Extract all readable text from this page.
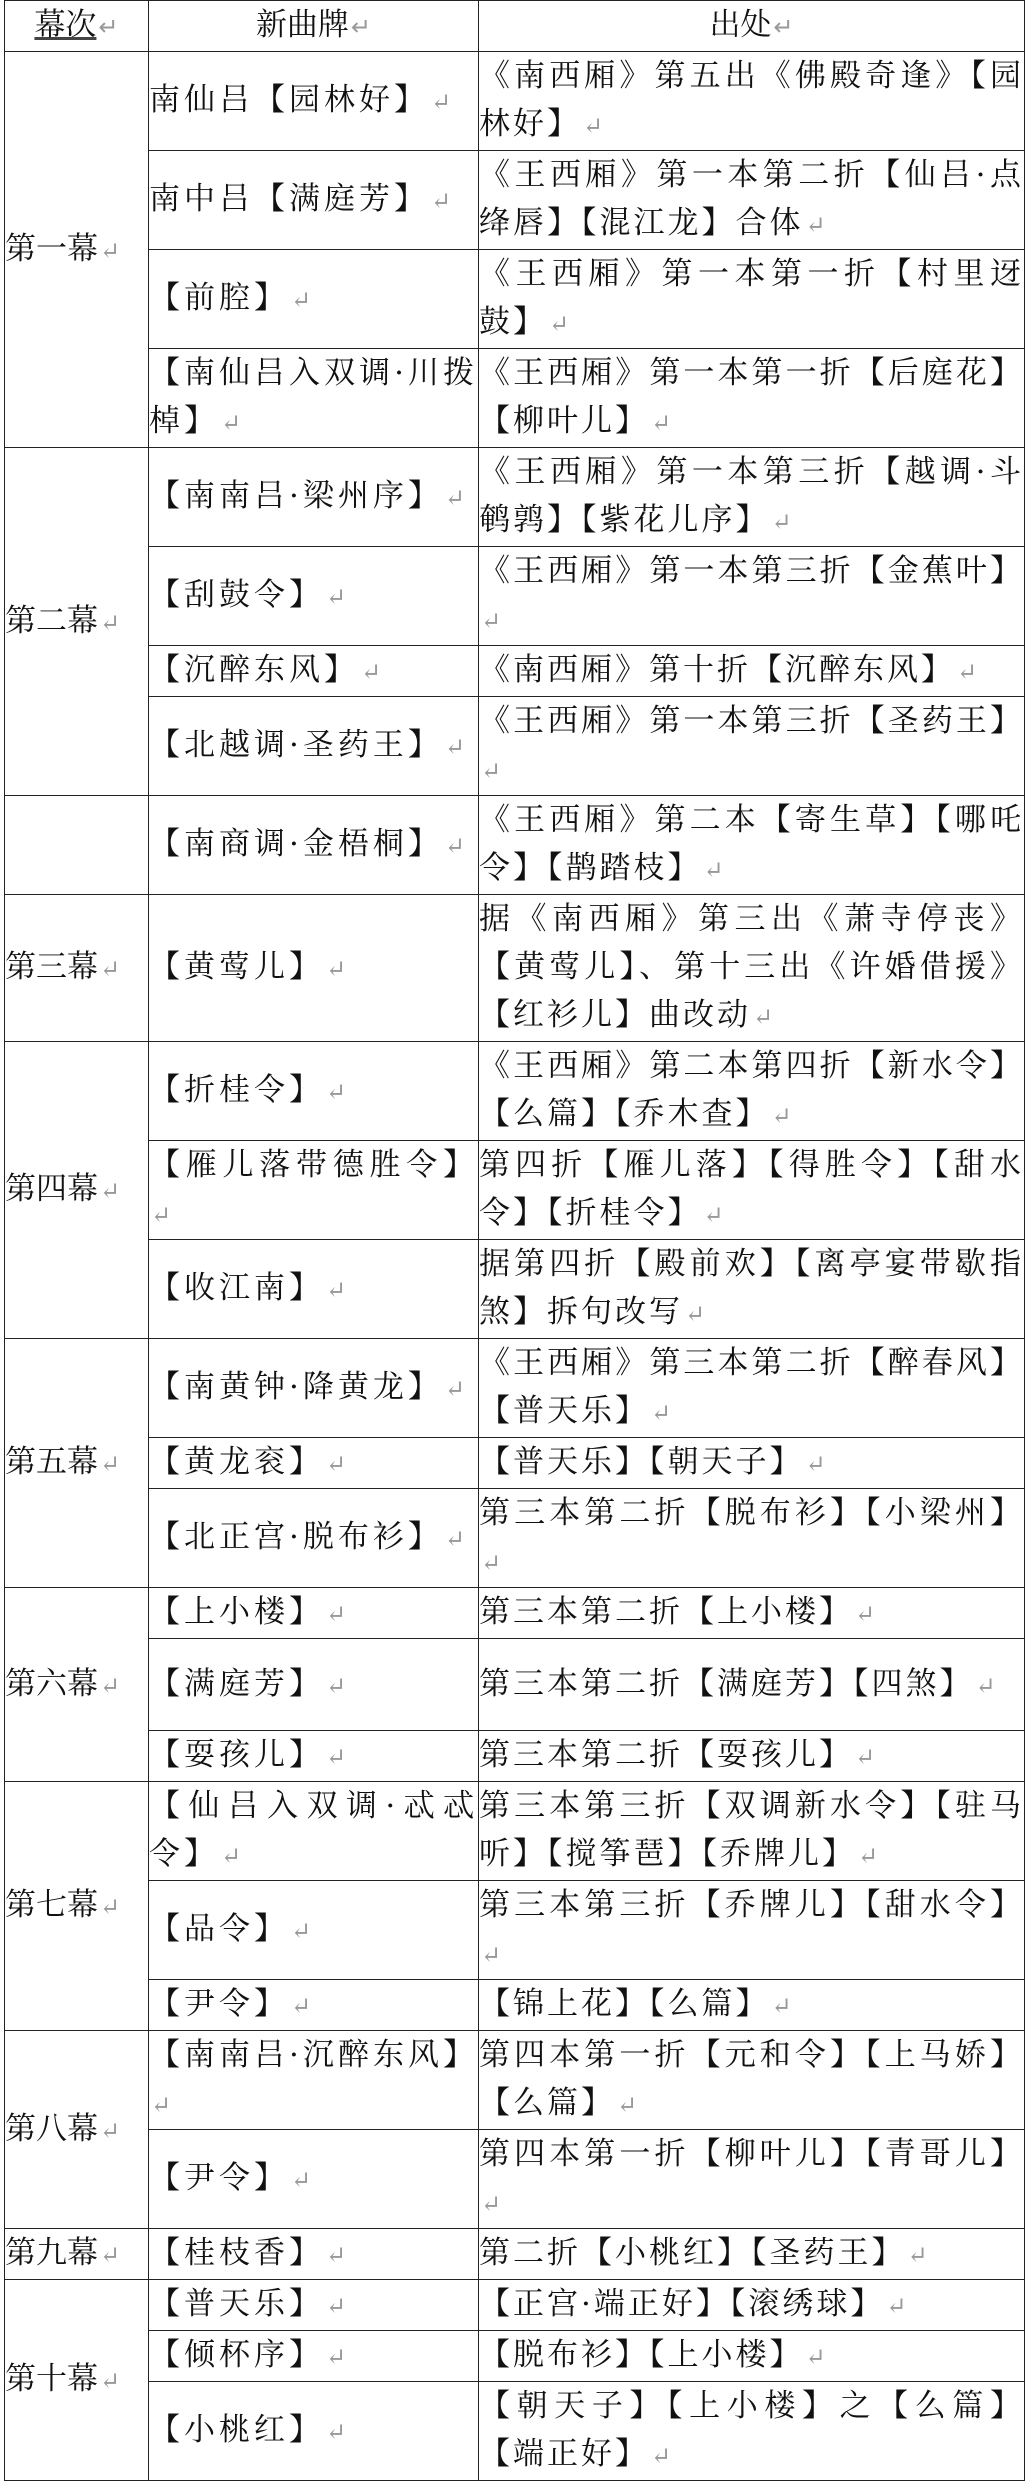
幕次↵	新曲牌↵	出处↵
第一幕↵	南仙吕【园林好】↵	《南西厢》第五出《佛殿奇逢》【园林好】↵
	南中吕【满庭芳】↵	《王西厢》第一本第二折【仙吕·点绛唇】【混江龙】合体↵
	【前腔】↵	《王西厢》第一本第一折【村里迓鼓】↵
	【南仙吕入双调·川拨棹】↵	《王西厢》第一本第一折【后庭花】【柳叶儿】↵
第二幕↵	【南南吕·梁州序】↵	《王西厢》第一本第三折【越调·斗鹌鹑】【紫花儿序】↵
	【刮鼓令】↵	《王西厢》第一本第三折【金蕉叶】↵
	【沉醉东风】↵	《南西厢》第十折【沉醉东风】↵
	【北越调·圣药王】↵	《王西厢》第一本第三折【圣药王】↵
	【南商调·金梧桐】↵	《王西厢》第二本【寄生草】【哪吒令】【鹊踏枝】↵
第三幕↵	【黄莺儿】↵	据《南西厢》第三出《萧寺停丧》【黄莺儿】、第十三出《许婚借援》【红衫儿】曲改动↵
第四幕↵	【折桂令】↵	《王西厢》第二本第四折【新水令】【么篇】【乔木查】↵
	【雁儿落带德胜令】↵	第四折【雁儿落】【得胜令】【甜水令】【折桂令】↵
	【收江南】↵	据第四折【殿前欢】【离亭宴带歇指煞】拆句改写↵
第五幕↵	【南黄钟·降黄龙】↵	《王西厢》第三本第二折【醉春风】【普天乐】↵
	【黄龙衮】↵	【普天乐】【朝天子】↵
	【北正宫·脱布衫】↵	第三本第二折【脱布衫】【小梁州】↵
第六幕↵	【上小楼】↵	第三本第二折【上小楼】↵
	【满庭芳】↵	第三本第二折【满庭芳】【四煞】↵
	【耍孩儿】↵	第三本第二折【耍孩儿】↵
第七幕↵	【仙吕入双调·忒忒令】↵	第三本第三折【双调新水令】【驻马听】【搅筝琶】【乔牌儿】↵
	【品令】↵	第三本第三折【乔牌儿】【甜水令】↵
	【尹令】↵	【锦上花】【么篇】↵
第八幕↵	【南南吕·沉醉东风】↵	第四本第一折【元和令】【上马娇】【么篇】↵
	【尹令】↵	第四本第一折【柳叶儿】【青哥儿】↵
第九幕↵	【桂枝香】↵	第二折【小桃红】【圣药王】↵
第十幕↵	【普天乐】↵	【正宫·端正好】【滚绣球】↵
	【倾杯序】↵	【脱布衫】【上小楼】↵
	【小桃红】↵	【朝天子】【上小楼】之【么篇】【端正好】↵
